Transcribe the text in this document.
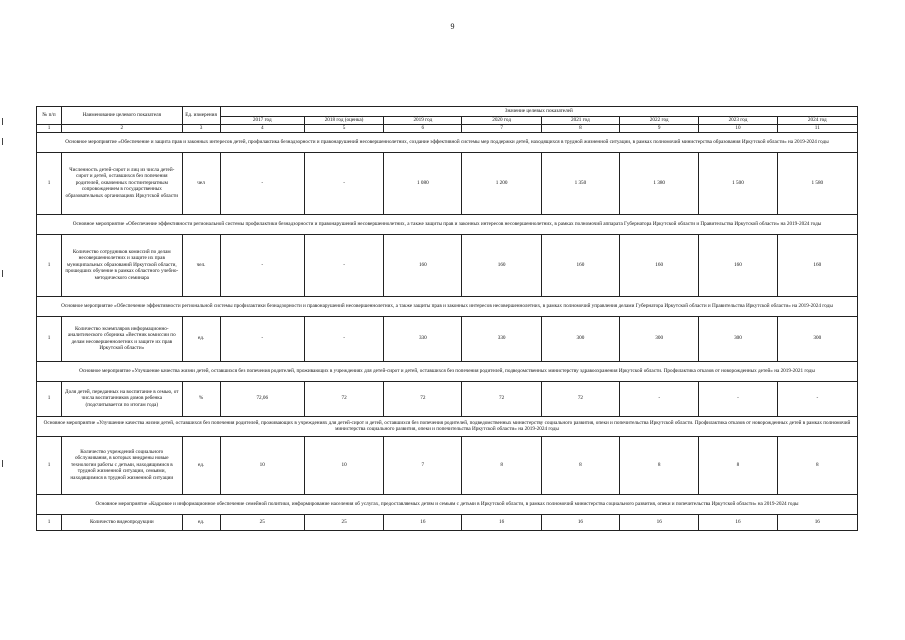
9
№ п/п	Наименование целевого показателя	Ед. измерения	Значение целевых показателей							
			2017 год	2018 год (оценка)	2019 год	2020 год	2021 год	2022 год	2023 год	2024 год
1	2	3	4	5	6	7	8	9	10	11
Основное мероприятие «Обеспечение и защита прав и законных интересов детей, профилактика безнадзорности и правонарушений несовершеннолетних, создание эффективной системы мер поддержки детей, находящихся в трудной жизненной ситуации, в рамках полномочий министерства образования Иркутской области» на 2019-2024 годы										
1	Численность детей-сирот и лиц из числа детей-сирот и детей, оставшихся без попечения родителей, охваченных постинтернатным сопровождением в государственных образовательных организациях Иркутской области	чел	-	-	1 080	1 200	1 350	1 380	1 500	1 580
Основное мероприятие «Обеспечение эффективности региональной системы профилактики безнадзорности и правонарушений несовершеннолетних, а также защиты прав и законных интересов несовершеннолетних, в рамках полномочий аппарата Губернатора Иркутской области и Правительства Иркутской области» на 2019-2024 годы										
1	Количество сотрудников комиссий по делам несовершеннолетних и защите их прав муниципальных образований Иркутской области, прошедших обучение в рамках областного учебно-методического семинара	чел.	-	-	160	160	160	160	160	160
Основное мероприятие «Обеспечение эффективности региональной системы профилактики безнадзорности и правонарушений несовершеннолетних, а также защиты прав и законных интересов несовершеннолетних, в рамках полномочий управления делами Губернатора Иркутской области и Правительства Иркутской области» на 2019-2024 годы										
1	Количество экземпляров информационно-аналитического сборника «Вестник комиссии по делам несовершеннолетних и защите их прав Иркутской области»	ед.	-	-	330	330	300	300	300	300
Основное мероприятие «Улучшение качества жизни детей, оставшихся без попечения родителей, проживающих в учреждениях для детей-сирот и детей, оставшихся без попечения родителей, подведомственных министерству здравоохранения Иркутской области. Профилактика отказов от новорожденных детей» на 2019-2021 годы										
1	Доля детей, переданных на воспитание в семью, от числа воспитанников домов ребенка (подсчитывается по итогам года)	%	72,06	72	72	72	72	-	-	-
Основное мероприятие «Улучшение качества жизни детей, оставшихся без попечения родителей, проживающих в учреждениях для детей-сирот и детей, оставшихся без попечения родителей, подведомственных министерству социального развития, опеки и попечительства Иркутской области. Профилактика отказов от новорожденных детей в рамках полномочий министерства социального развития, опеки и попечительства Иркутской области» на 2019-2024 годы										
1	Количество учреждений социального обслуживания, в которых внедрены новые технологии работы с детьми, находящимися в трудной жизненной ситуации, семьями, находящимися в трудной жизненной ситуации	ед.	10	10	7	8	8	8	8	8
Основное мероприятие «Кадровое и информационное обеспечение семейной политики, информирование населения об услугах, предоставляемых детям и семьям с детьми в Иркутской области, в рамках полномочий министерства социального развития, опеки и попечительства Иркутской области» на 2019-2024 годы										
1	Количество видеопродукции	ед.	25	25	16	16	16	16	16	16
